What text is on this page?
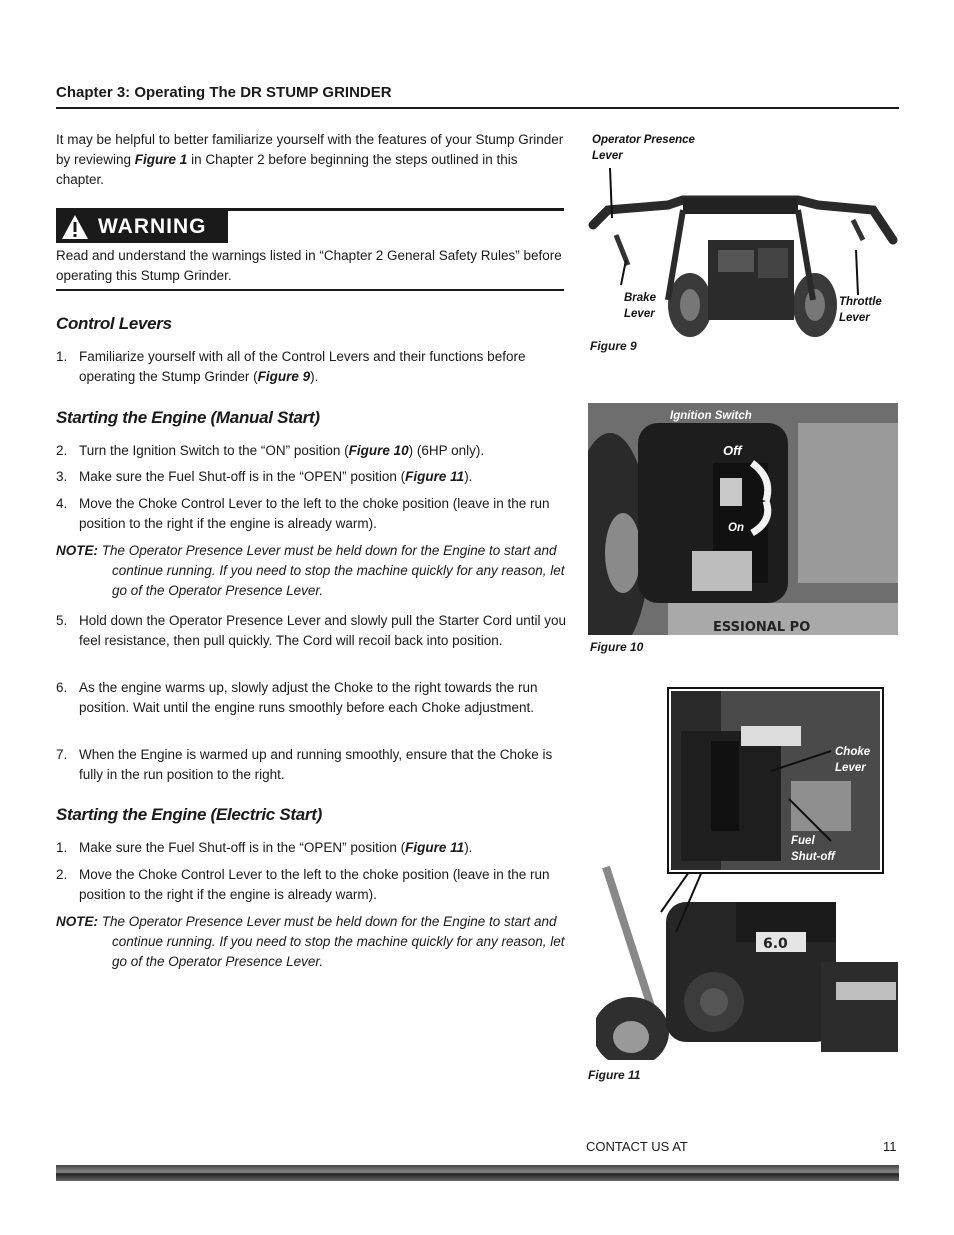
Chapter 3: Operating The DR STUMP GRINDER
It may be helpful to better familiarize yourself with the features of your Stump Grinder by reviewing Figure 1 in Chapter 2 before beginning the steps outlined in this chapter.
WARNING
Read and understand the warnings listed in “Chapter 2 General Safety Rules” before operating this Stump Grinder.
Control Levers
1. Familiarize yourself with all of the Control Levers and their functions before operating the Stump Grinder (Figure 9).
Starting the Engine (Manual Start)
2. Turn the Ignition Switch to the “ON” position (Figure 10) (6HP only).
3. Make sure the Fuel Shut-off is in the “OPEN” position (Figure 11).
4. Move the Choke Control Lever to the left to the choke position (leave in the run position to the right if the engine is already warm).
NOTE: The Operator Presence Lever must be held down for the Engine to start and
continue running. If you need to stop the machine quickly for any reason, let go of the Operator Presence Lever.
5. Hold down the Operator Presence Lever and slowly pull the Starter Cord until you feel resistance, then pull quickly. The Cord will recoil back into position.
6. As the engine warms up, slowly adjust the Choke to the right towards the run position. Wait until the engine runs smoothly before each Choke adjustment.
7. When the Engine is warmed up and running smoothly, ensure that the Choke is fully in the run position to the right.
Starting the Engine (Electric Start)
1. Make sure the Fuel Shut-off is in the “OPEN” position (Figure 11).
2. Move the Choke Control Lever to the left to the choke position (leave in the run position to the right if the engine is already warm).
NOTE: The Operator Presence Lever must be held down for the Engine to start and
continue running. If you need to stop the machine quickly for any reason, let go of the Operator Presence Lever.
Operator Presence
Lever
Brake
Lever
Throttle
Lever
Figure 9
ESSIONAL PO
Ignition Switch
Off
On
Figure 10
6.0
Choke
Lever
Fuel
Shut-off
Figure 11
CONTACT US AT	11
